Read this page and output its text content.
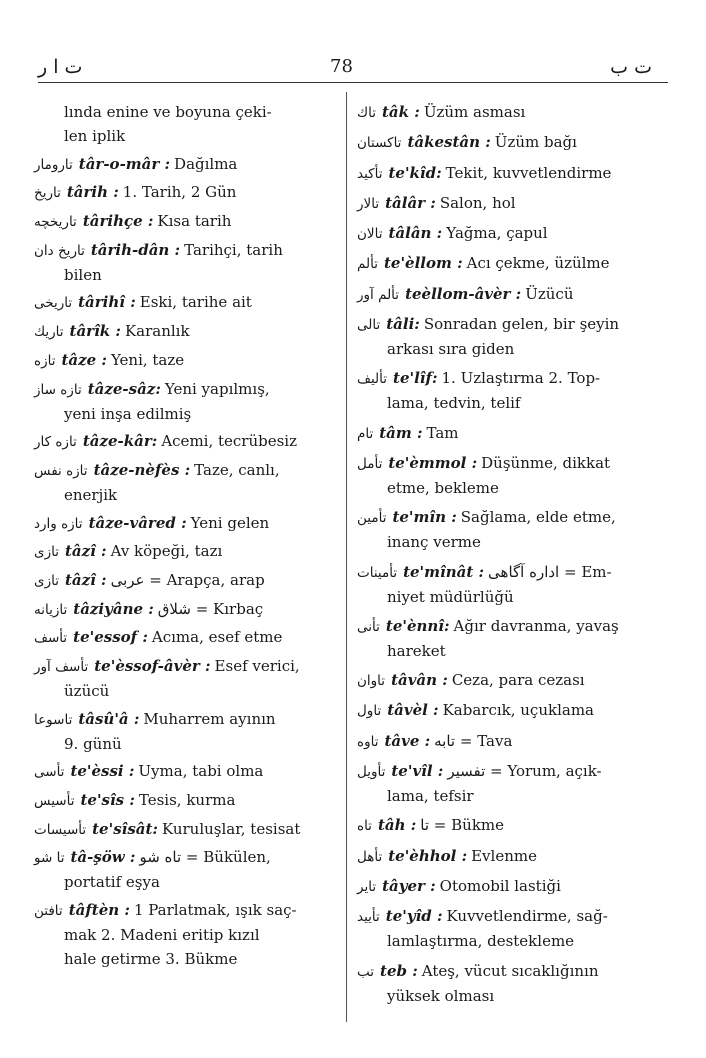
ت ا ر	78	ت ب
lında enine ve boyuna çeki-
len iplik
تارومار târ-o-mâr : Dağılma
تاريخ târih : 1. Tarih, 2 Gün
تاريخچه târihçe : Kısa tarih
تاريخ دان târih-dân : Tarihçi, tarih
bilen
تاريخى târihî : Eski, tarihe ait
تاريك târîk : Karanlık
تازه tâze : Yeni, taze
تازه ساز tâze-sâz: Yeni yapılmış,
yeni inşa edilmiş
تازه كار tâze-kâr: Acemi, tecrübesiz
تازه نفس tâze-nèfès : Taze, canlı,
enerjik
تازه وارد tâze-vâred : Yeni gelen
تازى tâzî : Av köpeği, tazı
تازى tâzî : عربى = Arapça, arap
تازيانه tâziyâne : شلاق = Kırbaç
تأسف te'essof : Acıma, esef etme
تأسف آور te'èssof-âvèr : Esef verici,
üzücü
تاسوعا tâsû'â : Muharrem ayının
9. günü
تأسى te'èssi : Uyma, tabi olma
تأسيس te'sîs : Tesis, kurma
تأسيسات te'sîsât: Kuruluşlar, tesisat
تا شو tâ-şöw : تاه شو = Bükülen,
portatif eşya
تافتن tâftèn : 1 Parlatmak, ışık saç-
mak 2. Madeni eritip kızıl
hale getirme 3. Bükme
تاك tâk : Üzüm asması
تاكستان tâkestân : Üzüm bağı
تأكيد te'kîd: Tekit, kuvvetlendirme
تالار tâlâr : Salon, hol
تالان tâlân : Yağma, çapul
تألم te'èllom : Acı çekme, üzülme
تألم آور teèllom-âvèr : Üzücü
تالى tâli: Sonradan gelen, bir şeyin
arkası sıra giden
تأليف te'lîf: 1. Uzlaştırma 2. Top-
lama, tedvin, telif
تام tâm : Tam
تأمل te'èmmol : Düşünme, dikkat
etme, bekleme
تأمين te'mîn : Sağlama, elde etme,
inanç verme
تأمينات te'mînât : اداره آگاهى = Em-
niyet müdürlüğü
تأنى te'ènnî: Ağır davranma, yavaş
hareket
تاوان tâvân : Ceza, para cezası
تاول tâvèl : Kabarcık, uçuklama
تاوه tâve : تابه = Tava
تأويل te'vîl : تفسير = Yorum, açık-
lama, tefsir
تاه tâh : تا = Bükme
تأهل te'èhhol : Evlenme
تاير tâyer : Otomobil lastiği
تأييد te'yîd : Kuvvetlendirme, sağ-
lamlaştırma, destekleme
تب teb : Ateş, vücut sıcaklığının
yüksek olması
